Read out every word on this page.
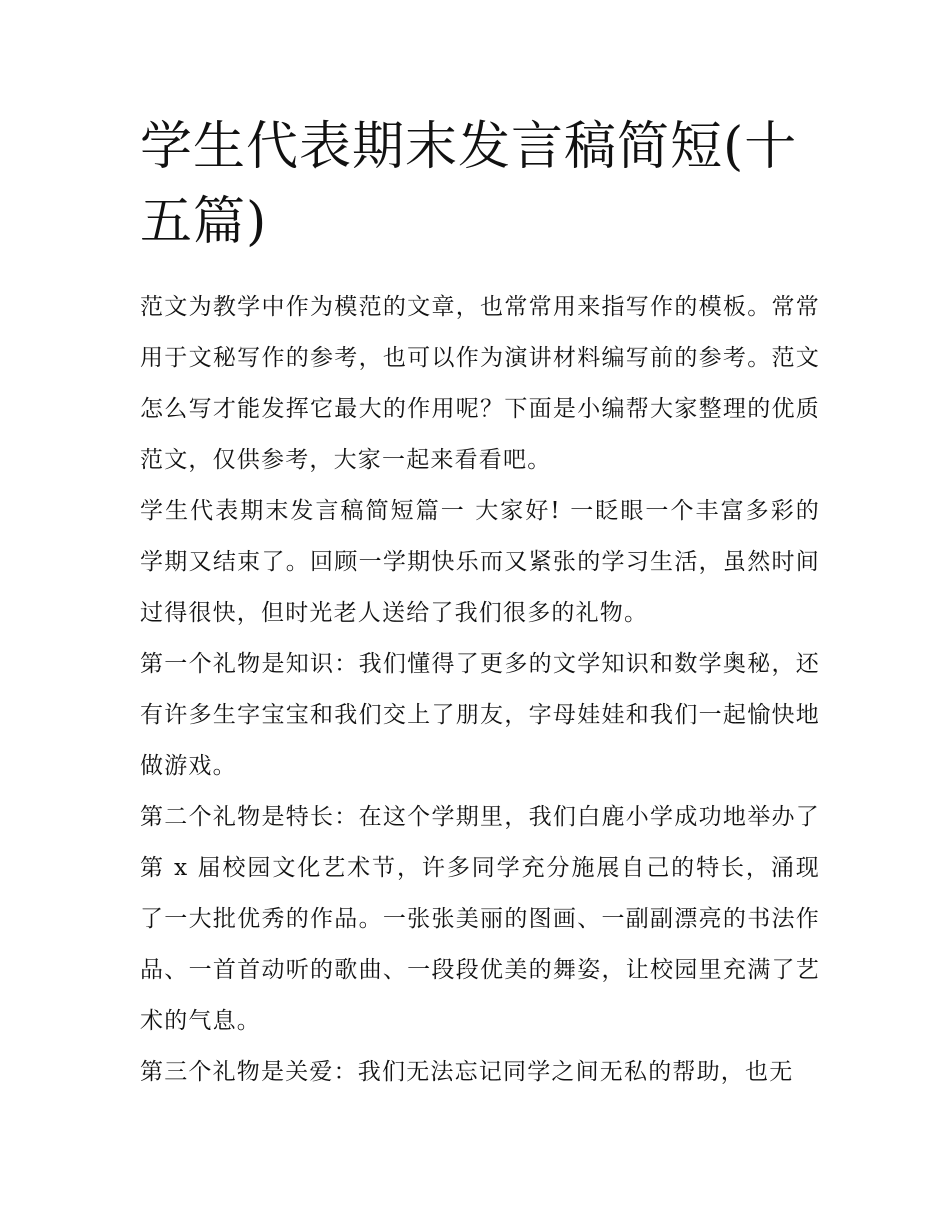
学生代表期末发言稿简短(十五篇)

范文为教学中作为模范的文章，也常常用来指写作的模板。常常用于文秘写作的参考，也可以作为演讲材料编写前的参考。范文怎么写才能发挥它最大的作用呢？下面是小编帮大家整理的优质范文，仅供参考，大家一起来看看吧。

学生代表期末发言稿简短篇一 大家好! 一眨眼一个丰富多彩的学期又结束了。回顾一学期快乐而又紧张的学习生活，虽然时间过得很快，但时光老人送给了我们很多的礼物。

第一个礼物是知识：我们懂得了更多的文学知识和数学奥秘，还有许多生字宝宝和我们交上了朋友，字母娃娃和我们一起愉快地做游戏。

第二个礼物是特长：在这个学期里，我们白鹿小学成功地举办了第 x 届校园文化艺术节，许多同学充分施展自己的特长，涌现了一大批优秀的作品。一张张美丽的图画、一副副漂亮的书法作品、一首首动听的歌曲、一段段优美的舞姿，让校园里充满了艺术的气息。

第三个礼物是关爱：我们无法忘记同学之间无私的帮助，也无
